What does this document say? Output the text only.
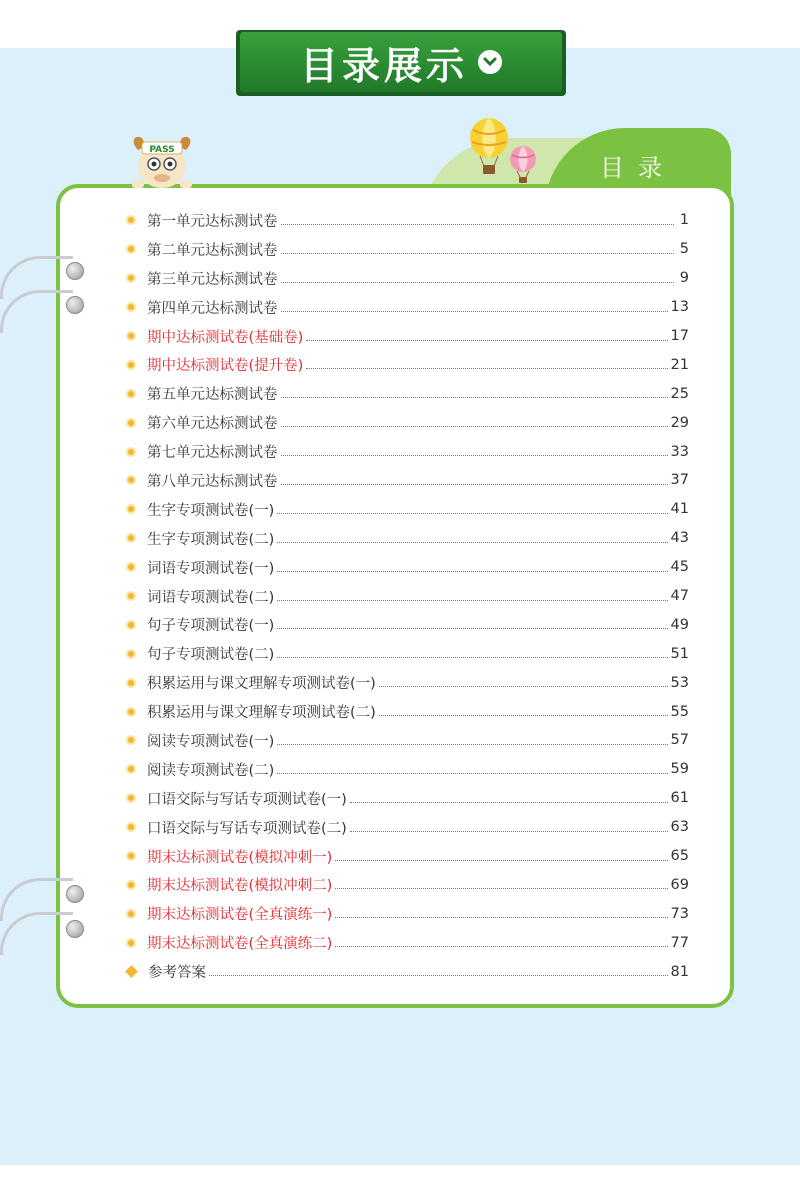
目录展示
目录
PASS
第一单元达标测试卷	1
第二单元达标测试卷	5
第三单元达标测试卷	9
第四单元达标测试卷	13
期中达标测试卷(基础卷)	17
期中达标测试卷(提升卷)	21
第五单元达标测试卷	25
第六单元达标测试卷	29
第七单元达标测试卷	33
第八单元达标测试卷	37
生字专项测试卷(一)	41
生字专项测试卷(二)	43
词语专项测试卷(一)	45
词语专项测试卷(二)	47
句子专项测试卷(一)	49
句子专项测试卷(二)	51
积累运用与课文理解专项测试卷(一)	53
积累运用与课文理解专项测试卷(二)	55
阅读专项测试卷(一)	57
阅读专项测试卷(二)	59
口语交际与写话专项测试卷(一)	61
口语交际与写话专项测试卷(二)	63
期末达标测试卷(模拟冲刺一)	65
期末达标测试卷(模拟冲刺二)	69
期末达标测试卷(全真演练一)	73
期末达标测试卷(全真演练二)	77
参考答案	81
